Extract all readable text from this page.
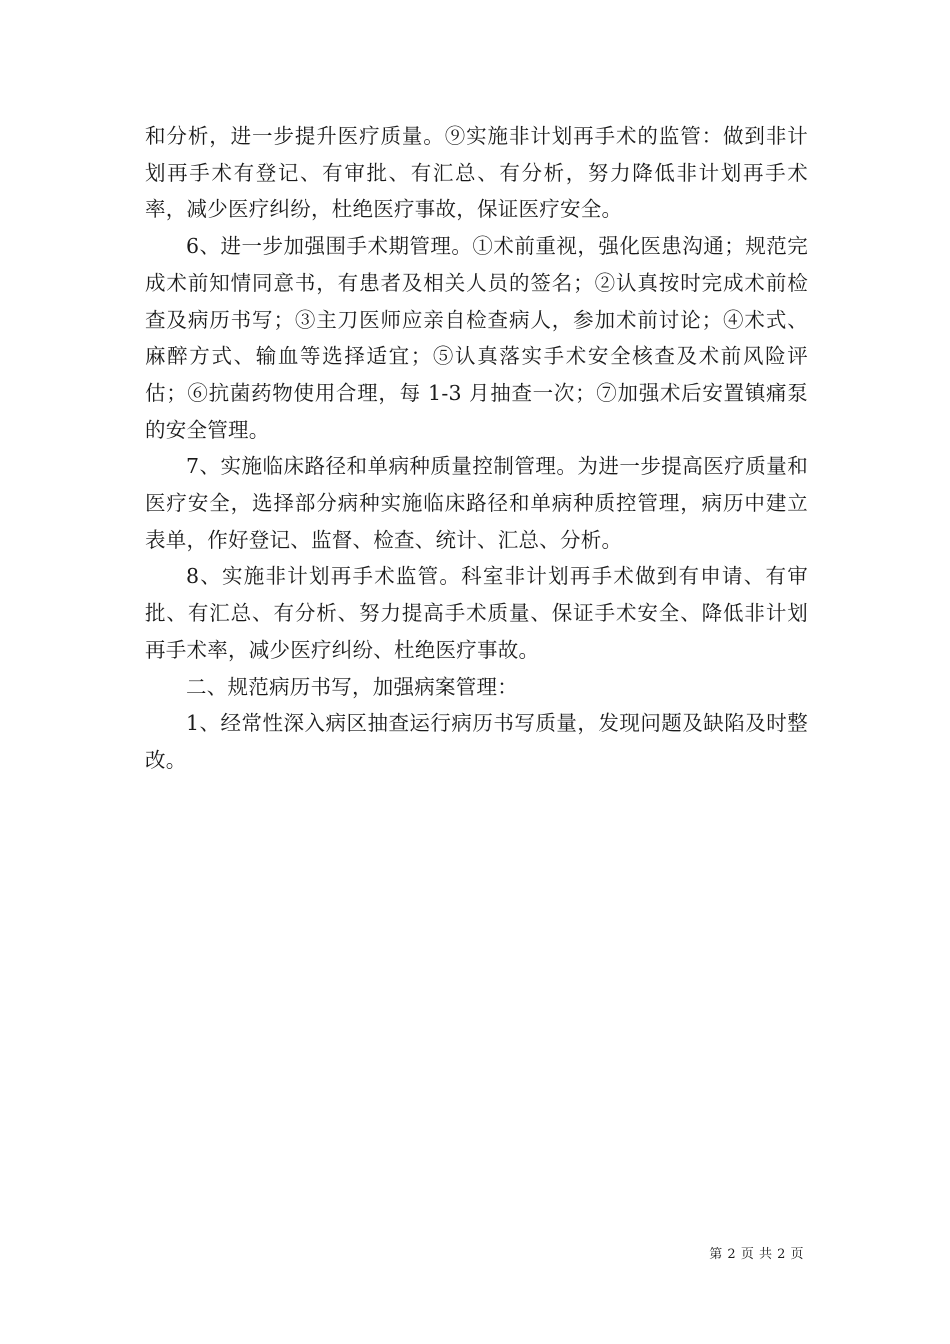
和分析，进一步提升医疗质量。⑨实施非计划再手术的监管：做到非计划再手术有登记、有审批、有汇总、有分析，努力降低非计划再手术率，减少医疗纠纷，杜绝医疗事故，保证医疗安全。

6、进一步加强围手术期管理。①术前重视，强化医患沟通；规范完成术前知情同意书，有患者及相关人员的签名；②认真按时完成术前检查及病历书写；③主刀医师应亲自检查病人，参加术前讨论；④术式、麻醉方式、输血等选择适宜；⑤认真落实手术安全核查及术前风险评估；⑥抗菌药物使用合理，每 1-3 月抽查一次；⑦加强术后安置镇痛泵的安全管理。

7、实施临床路径和单病种质量控制管理。为进一步提高医疗质量和医疗安全，选择部分病种实施临床路径和单病种质控管理，病历中建立表单，作好登记、监督、检查、统计、汇总、分析。

8、实施非计划再手术监管。科室非计划再手术做到有申请、有审批、有汇总、有分析、努力提高手术质量、保证手术安全、降低非计划再手术率，减少医疗纠纷、杜绝医疗事故。

二、规范病历书写，加强病案管理：

1、经常性深入病区抽查运行病历书写质量，发现问题及缺陷及时整改。

第 2 页 共 2 页
